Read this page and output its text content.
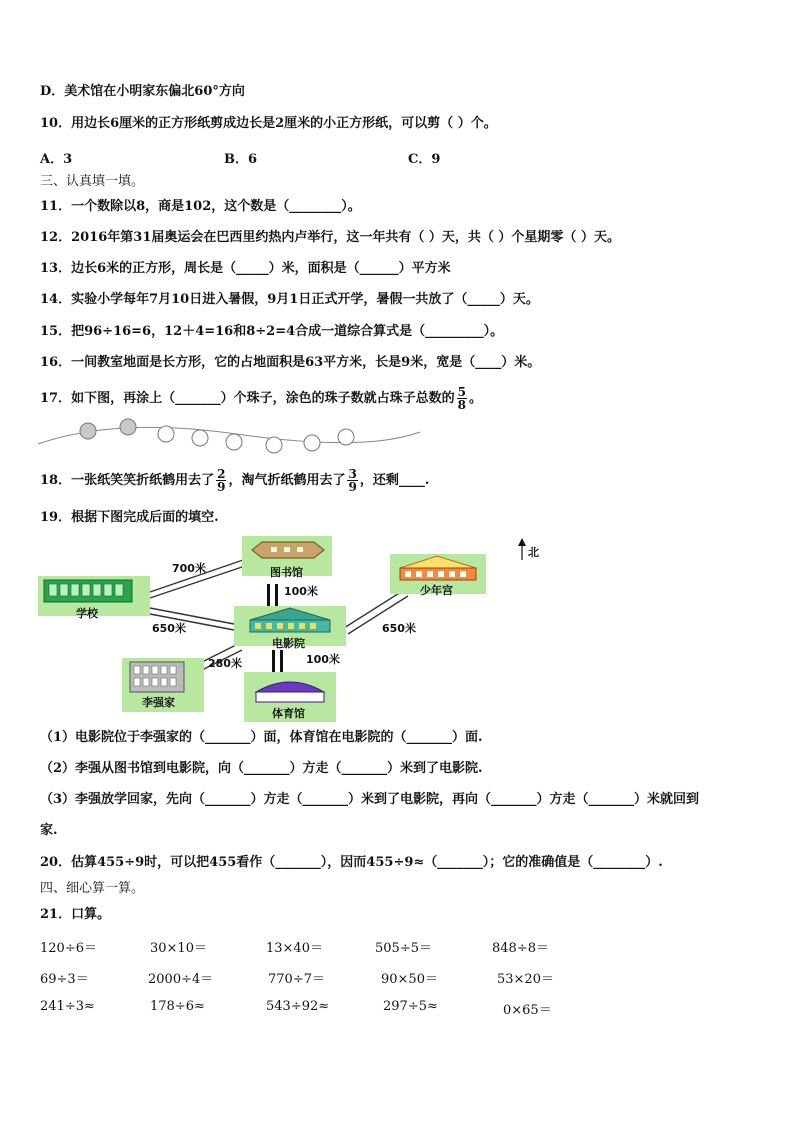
D．美术馆在小明家东偏北60°方向
10．用边长6厘米的正方形纸剪成边长是2厘米的小正方形纸，可以剪（ ）个。
A．3	B．6	C．9
三、认真填一填。
11．一个数除以8，商是102，这个数是（________）。
12．2016年第31届奥运会在巴西里约热内卢举行，这一年共有（ ）天，共（ ）个星期零（ ）天。
13．边长6米的正方形，周长是（_____）米，面积是（______）平方米
14．实验小学每年7月10日进入暑假，9月1日正式开学，暑假一共放了（_____）天。
15．把96÷16=6，12＋4=16和8÷2=4合成一道综合算式是（_________）。
16．一间教室地面是长方形，它的占地面积是63平方米，长是9米，宽是（____）米。
17．如下图，再涂上（_______）个珠子，涂色的珠子数就占珠子总数的 $\frac{5}{8}$ 。
18．一张纸笑笑折纸鹤用去了 $\frac{2}{9}$ ，淘气折纸鹤用去了 $\frac{3}{9}$ ，还剩____.
19．根据下图完成后面的填空.
学校
图书馆
少年宫
电影院
李强家
体育馆
北
700米
100米
650米	650米
280米	100米
（1）电影院位于李强家的（_______）面，体育馆在电影院的（_______）面.
（2）李强从图书馆到电影院，向（_______）方走（_______）米到了电影院.
（3）李强放学回家，先向（_______）方走（_______）米到了电影院，再向（_______）方走（_______）米就回到
家.
20．估算455÷9时，可以把455看作（_______），因而455÷9≈（_______）；它的准确值是（________）.
四、细心算一算。
21．口算。
120÷6＝	30×10＝	13×40＝	505÷5＝	848÷8＝
69÷3＝	2000÷4＝	770÷7＝	90×50＝	53×20＝
241÷3≈	178÷6≈	543÷92≈	297÷5≈	0×65＝
